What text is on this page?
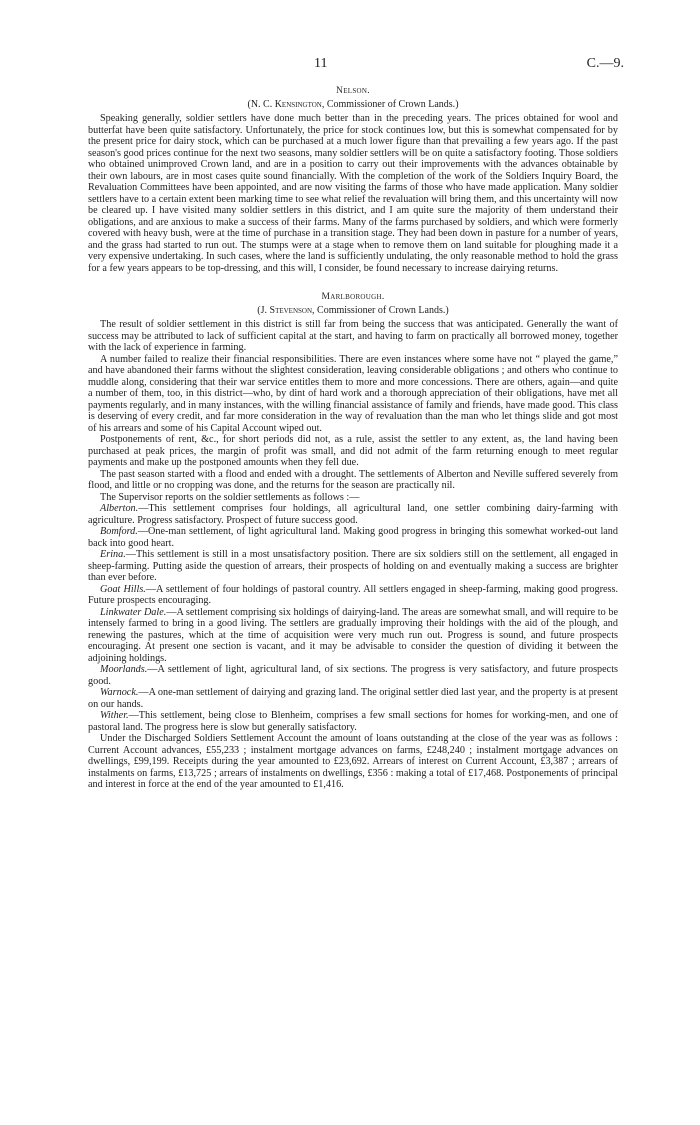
11	C.—9.
Nelson.
(N. C. Kensington, Commissioner of Crown Lands.)

Speaking generally, soldier settlers have done much better than in the preceding years. The prices obtained for wool and butterfat have been quite satisfactory. Unfortunately, the price for stock continues low, but this is somewhat compensated for by the present price for dairy stock, which can be purchased at a much lower figure than that prevailing a few years ago. If the past season's good prices continue for the next two seasons, many soldier settlers will be on quite a satisfactory footing. Those soldiers who obtained unimproved Crown land, and are in a position to carry out their improvements with the advances obtainable by their own labours, are in most cases quite sound financially. With the completion of the work of the Soldiers Inquiry Board, the Revaluation Committees have been appointed, and are now visiting the farms of those who have made application. Many soldier settlers have to a certain extent been marking time to see what relief the revaluation will bring them, and this uncertainty will now be cleared up. I have visited many soldier settlers in this district, and I am quite sure the majority of them understand their obligations, and are anxious to make a success of their farms. Many of the farms purchased by soldiers, and which were formerly covered with heavy bush, were at the time of purchase in a transition stage. They had been down in pasture for a number of years, and the grass had started to run out. The stumps were at a stage when to remove them on land suitable for ploughing made it a very expensive undertaking. In such cases, where the land is sufficiently undulating, the only reasonable method to hold the grass for a few years appears to be top-dressing, and this will, I consider, be found necessary to increase dairying returns.

Marlborough.
(J. Stevenson, Commissioner of Crown Lands.)

The result of soldier settlement in this district is still far from being the success that was anticipated. Generally the want of success may be attributed to lack of sufficient capital at the start, and having to farm on practically all borrowed money, together with the lack of experience in farming.

A number failed to realize their financial responsibilities. There are even instances where some have not “ played the game,” and have abandoned their farms without the slightest consideration, leaving considerable obligations ; and others who continue to muddle along, considering that their war service entitles them to more and more concessions. There are others, again—and quite a number of them, too, in this district—who, by dint of hard work and a thorough appreciation of their obligations, have met all payments regularly, and in many instances, with the willing financial assistance of family and friends, have made good. This class is deserving of every credit, and far more consideration in the way of revaluation than the man who let things slide and got most of his arrears and some of his Capital Account wiped out.

Postponements of rent, &c., for short periods did not, as a rule, assist the settler to any extent, as, the land having been purchased at peak prices, the margin of profit was small, and did not admit of the farm returning enough to meet regular payments and make up the postponed amounts when they fell due.

The past season started with a flood and ended with a drought. The settlements of Alberton and Neville suffered severely from flood, and little or no cropping was done, and the returns for the season are practically nil.

The Supervisor reports on the soldier settlements as follows :—

Alberton.—This settlement comprises four holdings, all agricultural land, one settler combining dairy-farming with agriculture. Progress satisfactory. Prospect of future success good.

Bomford.—One-man settlement, of light agricultural land. Making good progress in bringing this somewhat worked-out land back into good heart.

Erina.—This settlement is still in a most unsatisfactory position. There are six soldiers still on the settlement, all engaged in sheep-farming. Putting aside the question of arrears, their prospects of holding on and eventually making a success are brighter than ever before.

Goat Hills.—A settlement of four holdings of pastoral country. All settlers engaged in sheep-farming, making good progress. Future prospects encouraging.

Linkwater Dale.—A settlement comprising six holdings of dairying-land. The areas are somewhat small, and will require to be intensely farmed to bring in a good living. The settlers are gradually improving their holdings with the aid of the plough, and renewing the pastures, which at the time of acquisition were very much run out. Progress is sound, and future prospects encouraging. At present one section is vacant, and it may be advisable to consider the question of dividing it between the adjoining holdings.

Moorlands.—A settlement of light, agricultural land, of six sections. The progress is very satisfactory, and future prospects good.

Warnock.—A one-man settlement of dairying and grazing land. The original settler died last year, and the property is at present on our hands.

Wither.—This settlement, being close to Blenheim, comprises a few small sections for homes for working-men, and one of pastoral land. The progress here is slow but generally satisfactory.

Under the Discharged Soldiers Settlement Account the amount of loans outstanding at the close of the year was as follows : Current Account advances, £55,233 ; instalment mortgage advances on farms, £248,240 ; instalment mortgage advances on dwellings, £99,199. Receipts during the year amounted to £23,692. Arrears of interest on Current Account, £3,387 ; arrears of instalments on farms, £13,725 ; arrears of instalments on dwellings, £356 : making a total of £17,468. Postponements of principal and interest in force at the end of the year amounted to £1,416.
